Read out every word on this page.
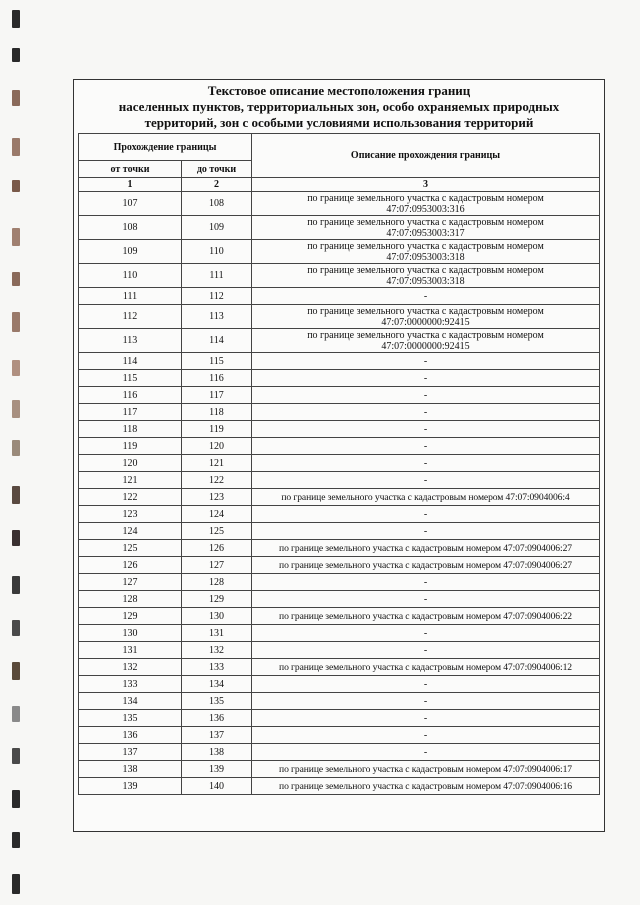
Текстовое описание местоположения границ
населенных пунктов, территориальных зон, особо охраняемых природных
территорий, зон с особыми условиями использования территорий
Прохождение границы		Описание прохождения границы
от точки	до точки	
1	2	3
107	108	по границе земельного участка с кадастровым номером
47:07:0953003:316

108	109	по границе земельного участка с кадастровым номером
47:07:0953003:317

109	110	по границе земельного участка с кадастровым номером
47:07:0953003:318

110	111	по границе земельного участка с кадастровым номером
47:07:0953003:318

111	112	-

112	113	по границе земельного участка с кадастровым номером
47:07:0000000:92415

113	114	по границе земельного участка с кадастровым номером
47:07:0000000:92415

114	115	-

115	116	-

116	117	-

117	118	-

118	119	-

119	120	-

120	121	-

121	122	-

122	123	по границе земельного участка с кадастровым номером 47:07:0904006:4

123	124	-

124	125	-

125	126	по границе земельного участка с кадастровым номером 47:07:0904006:27

126	127	по границе земельного участка с кадастровым номером 47:07:0904006:27

127	128	-

128	129	-

129	130	по границе земельного участка с кадастровым номером 47:07:0904006:22

130	131	-

131	132	-

132	133	по границе земельного участка с кадастровым номером 47:07:0904006:12

133	134	-

134	135	-

135	136	-

136	137	-

137	138	-

138	139	по границе земельного участка с кадастровым номером 47:07:0904006:17

139	140	по границе земельного участка с кадастровым номером 47:07:0904006:16
